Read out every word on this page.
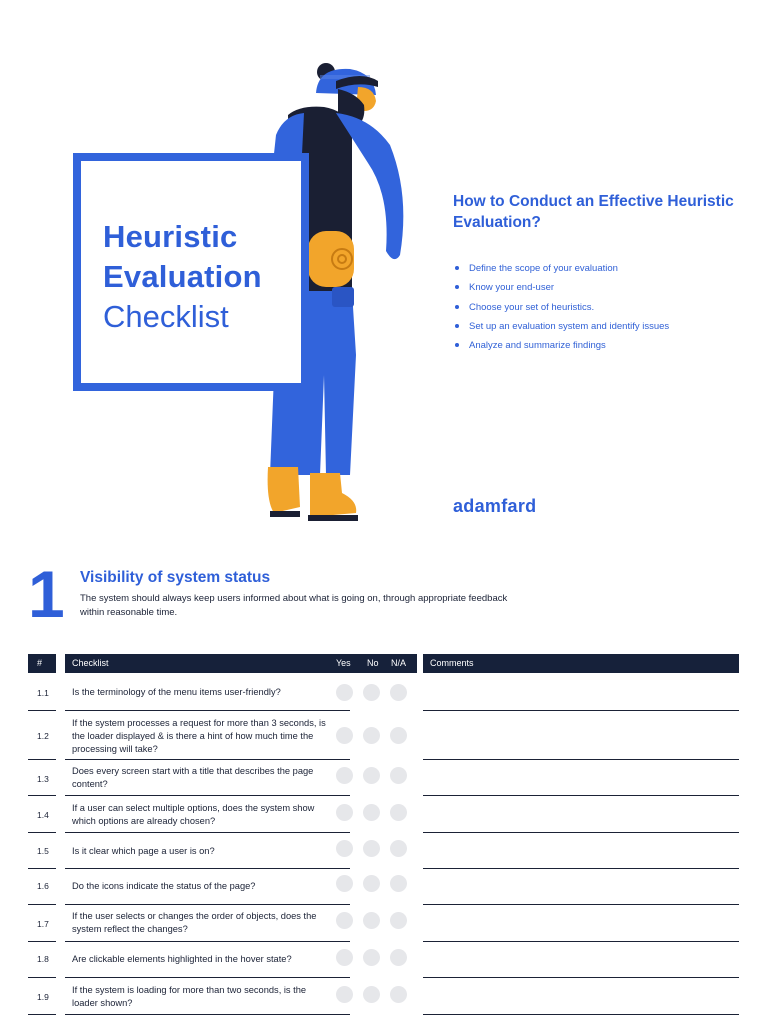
Heuristic
Evaluation
Checklist
How to Conduct an Effective Heuristic Evaluation?
Define the scope of your evaluation
Know your end-user
Choose your set of heuristics.
Set up an evaluation system and identify issues
Analyze and summarize findings
adamfard
1 Visibility of system status
The system should always keep users informed about what is going on, through appropriate feedback within reasonable time.
#	Checklist	Yes No N/A	Comments
1.1 Is the terminology of the menu items user-friendly?
1.2
If the system processes a request for more than 3 seconds, is the loader displayed & is there a hint of how much time the processing will take?
1.3
Does every screen start with a title that describes the page content?
1.4
If a user can select multiple options, does the system show which options are already chosen?
1.5 Is it clear which page a user is on?
1.6 Do the icons indicate the status of the page?
1.7
If the user selects or changes the order of objects, does the system reflect the changes?
1.8 Are clickable elements highlighted in the hover state?
1.9
If the system is loading for more than two seconds, is the loader shown?
